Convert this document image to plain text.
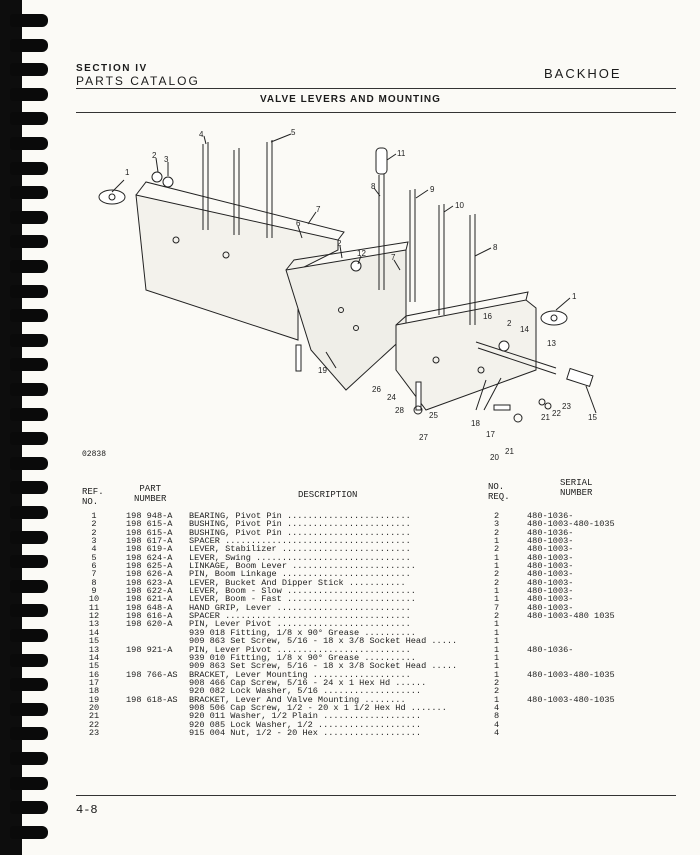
SECTION IV
PARTS CATALOG	BACKHOE
VALVE LEVERS AND MOUNTING
1
2 3
4	5
6
7
8
11
9
10
8
2
12	7
1
16
2
14
13
19
26
24
28
25
18
17
27
20
21
21 22
23
15
02838
REF.
NO.
PART
NUMBER	DESCRIPTION
NO.
REQ.
SERIAL
NUMBER
1	198 948-A BEARING, Pivot Pin ........................	2	480-1036-
2	198 615-A BUSHING, Pivot Pin ........................	3	480-1003-480-1035
2	198 615-A BUSHING, Pivot Pin ........................	2	480-1036-
3	198 617-A SPACER ....................................	1	480-1003-
4	198 619-A LEVER, Stabilizer .........................	2	480-1003-
5	198 624-A LEVER, Swing ..............................	1	480-1003-
6	198 625-A LINKAGE, Boom Lever ........................	1	480-1003-
7	198 626-A PIN, Boom Linkage .........................	2	480-1003-
8	198 623-A LEVER, Bucket And Dipper Stick ...........	2	480-1003-
9	198 622-A LEVER, Boom - Slow .........................	1	480-1003-
10	198 621-A LEVER, Boom - Fast .........................	1	480-1003-
11	198 648-A HAND GRIP, Lever ..........................	7	480-1003-
12	198 616-A SPACER ....................................	2	480-1003-480 1035
13	198 620-A PIN, Lever Pivot ..........................	1
14	939 018 Fitting, 1/8 x 90° Grease ..........	1
15	909 863 Set Screw, 5/16 - 18 x 3/8 Socket Head .....	1
13	198 921-A PIN, Lever Pivot ..........................	1	480-1036-
14	939 010 Fitting, 1/8 x 90° Grease ..........	1
15	909 863 Set Screw, 5/16 - 18 x 3/8 Socket Head .....	1
16	198 766-AS BRACKET, Lever Mounting ...................	1	480-1003-480-1035
17	908 466 Cap Screw, 5/16 - 24 x 1 Hex Hd ......	2
18	920 082 Lock Washer, 5/16 ...................	2
19	198 618-AS BRACKET, Lever And Valve Mounting ........	1	480-1003-480-1035
20	908 506 Cap Screw, 1/2 - 20 x 1 1/2 Hex Hd .......	4
21	920 011 Washer, 1/2 Plain ...................	8
22	920 085 Lock Washer, 1/2 ....................	4
23	915 004 Nut, 1/2 - 20 Hex ...................	4
4-8
